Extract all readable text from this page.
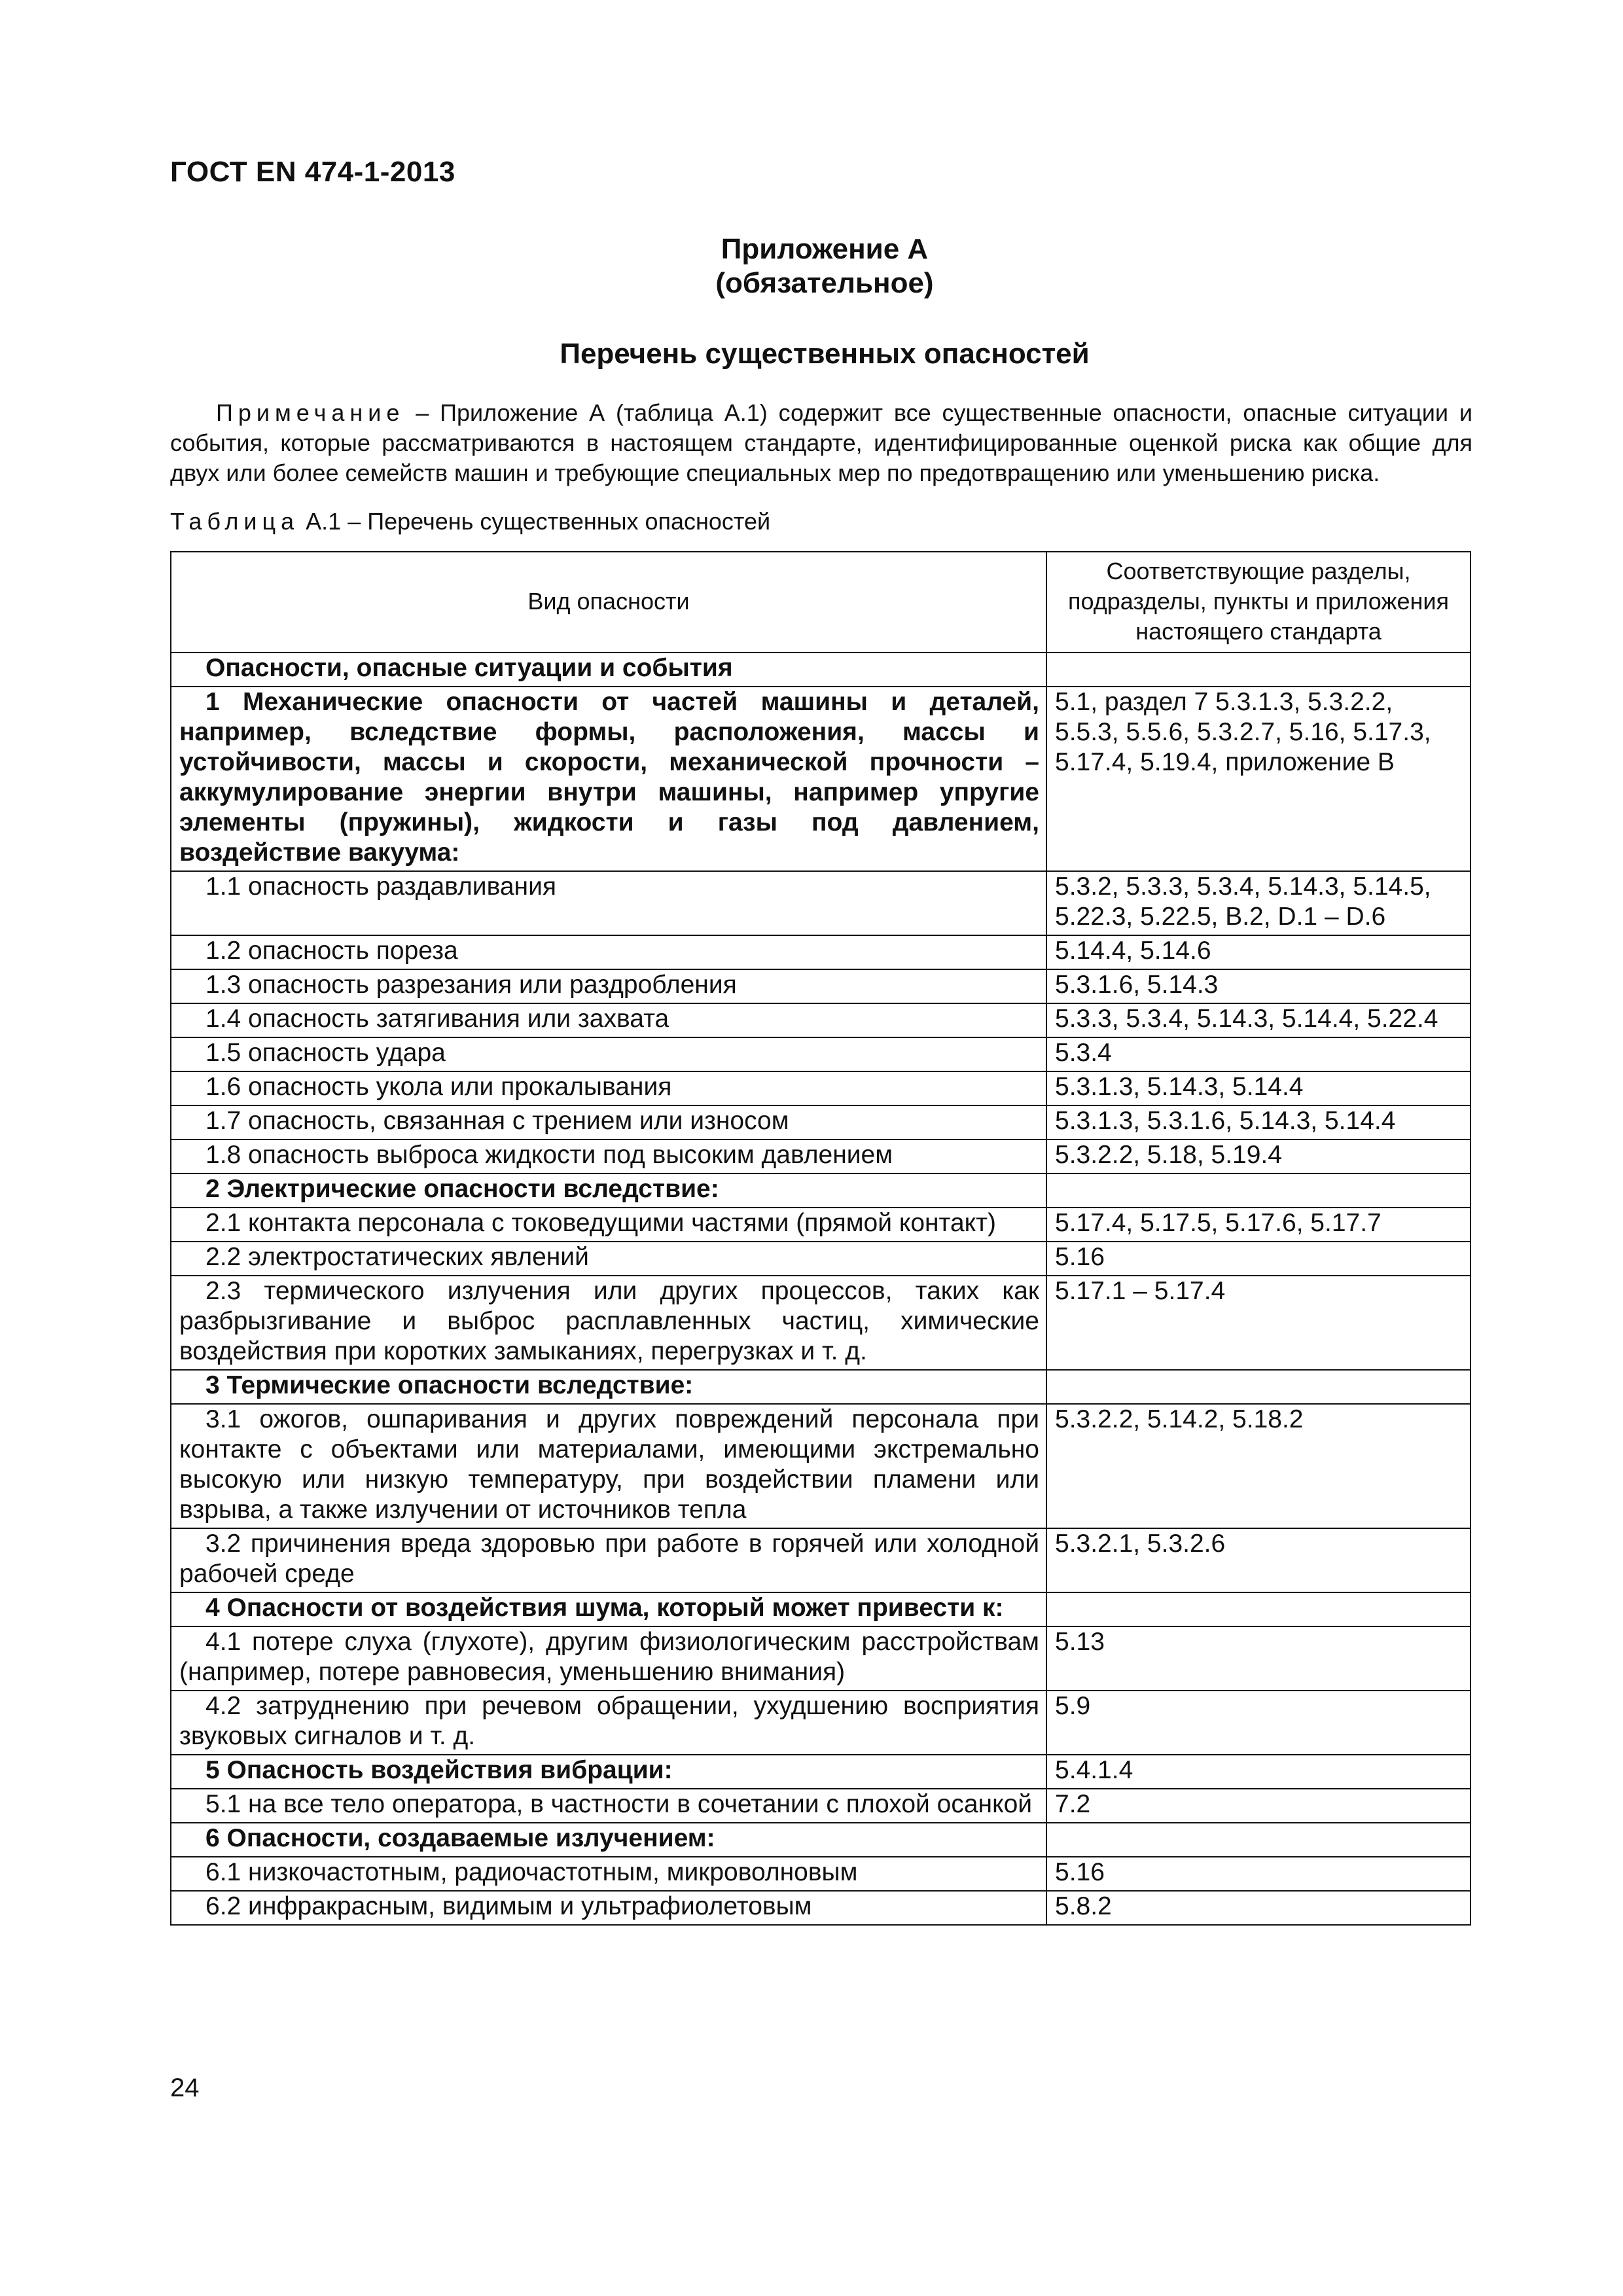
ГОСТ EN 474-1-2013
Приложение А
(обязательное)
Перечень существенных опасностей
Примечание – Приложение А (таблица А.1) содержит все существенные опасности, опасные ситуации и события, которые рассматриваются в настоящем стандарте, идентифицированные оценкой риска как общие для двух или более семейств машин и требующие специальных мер по предотвращению или уменьшению риска.
Таблица А.1 – Перечень существенных опасностей
Вид опасности	Соответствующие разделы, подразделы, пункты и приложения настоящего стандарта
Опасности, опасные ситуации и события	
1 Механические опасности от частей машины и деталей, например, вследствие формы, расположения, массы и устойчивости, массы и скорости, механической прочности – аккумулирование энергии внутри машины, например упругие элементы (пружины), жидкости и газы под давлением, воздействие вакуума:	5.1, раздел 7 5.3.1.3, 5.3.2.2, 5.5.3, 5.5.6, 5.3.2.7, 5.16, 5.17.3, 5.17.4, 5.19.4, приложение В
1.1 опасность раздавливания	5.3.2, 5.3.3, 5.3.4, 5.14.3, 5.14.5, 5.22.3, 5.22.5, B.2, D.1 – D.6
1.2 опасность пореза	5.14.4, 5.14.6
1.3 опасность разрезания или раздробления	5.3.1.6, 5.14.3
1.4 опасность затягивания или захвата	5.3.3, 5.3.4, 5.14.3, 5.14.4, 5.22.4
1.5 опасность удара	5.3.4
1.6 опасность укола или прокалывания	5.3.1.3, 5.14.3, 5.14.4
1.7 опасность, связанная с трением или износом	5.3.1.3, 5.3.1.6, 5.14.3, 5.14.4
1.8 опасность выброса жидкости под высоким давлением	5.3.2.2, 5.18, 5.19.4
2 Электрические опасности вследствие:	
2.1 контакта персонала с токоведущими частями (прямой контакт)	5.17.4, 5.17.5, 5.17.6, 5.17.7
2.2 электростатических явлений	5.16
2.3 термического излучения или других процессов, таких как разбрызгивание и выброс расплавленных частиц, химические воздействия при коротких замыканиях, перегрузках и т. д.	5.17.1 – 5.17.4
3 Термические опасности вследствие:	
3.1 ожогов, ошпаривания и других повреждений персонала при контакте с объектами или материалами, имеющими экстремально высокую или низкую температуру, при воздействии пламени или взрыва, а также излучении от источников тепла	5.3.2.2, 5.14.2, 5.18.2
3.2 причинения вреда здоровью при работе в горячей или холодной рабочей среде	5.3.2.1, 5.3.2.6
4 Опасности от воздействия шума, который может привести к:	
4.1 потере слуха (глухоте), другим физиологическим расстройствам (например, потере равновесия, уменьшению внимания)	5.13
4.2 затруднению при речевом обращении, ухудшению восприятия звуковых сигналов и т. д.	5.9
5 Опасность воздействия вибрации:	5.4.1.4
5.1 на все тело оператора, в частности в сочетании с плохой осанкой	7.2
6 Опасности, создаваемые излучением:	
6.1 низкочастотным, радиочастотным, микроволновым	5.16
6.2 инфракрасным, видимым и ультрафиолетовым	5.8.2
24
